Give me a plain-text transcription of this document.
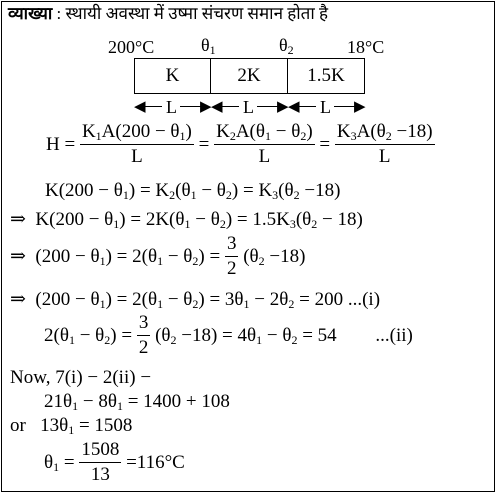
व्याख्या : स्थायी अवस्था में उष्मा संचरण समान होता है
200°C	$\theta_1$	$\theta_2$	18°C
K	2K	1.5K
◀ L ▶ ◀ L ▶ ◀ L ▶
$H = \frac{K_1A(200 - \theta_1)}{L} = \frac{K_2A(\theta_1 - \theta_2)}{L} = \frac{K_3A(\theta_2 -18)}{L}$
$K(200 - \theta_1) = K_2(\theta_1 - \theta_2) = K_3(\theta_2 -18)$
⇒  $K(200 - \theta_1) = 2K(\theta_1 - \theta_2) = 1.5K_3(\theta_2 - 18)$
⇒  $(200 - \theta_1) = 2(\theta_1 - \theta_2) = \frac{3}{2} (\theta_2 -18)$
⇒  $(200 - \theta_1) = 2(\theta_1 - \theta_2) = 3\theta_1 - 2\theta_2 = 200$ ...(i)
$2(\theta_1 - \theta_2) = \frac{3}{2} (\theta_2 -18) = 4\theta_1 - \theta_2 = 54$ ...(ii)
Now, 7(i) − 2(ii) −
$21\theta_1 - 8\theta_1 = 1400 + 108$
or   $13\theta_1 = 1508$
$\theta_1 = \frac{1508}{13} =116^\circ C$
